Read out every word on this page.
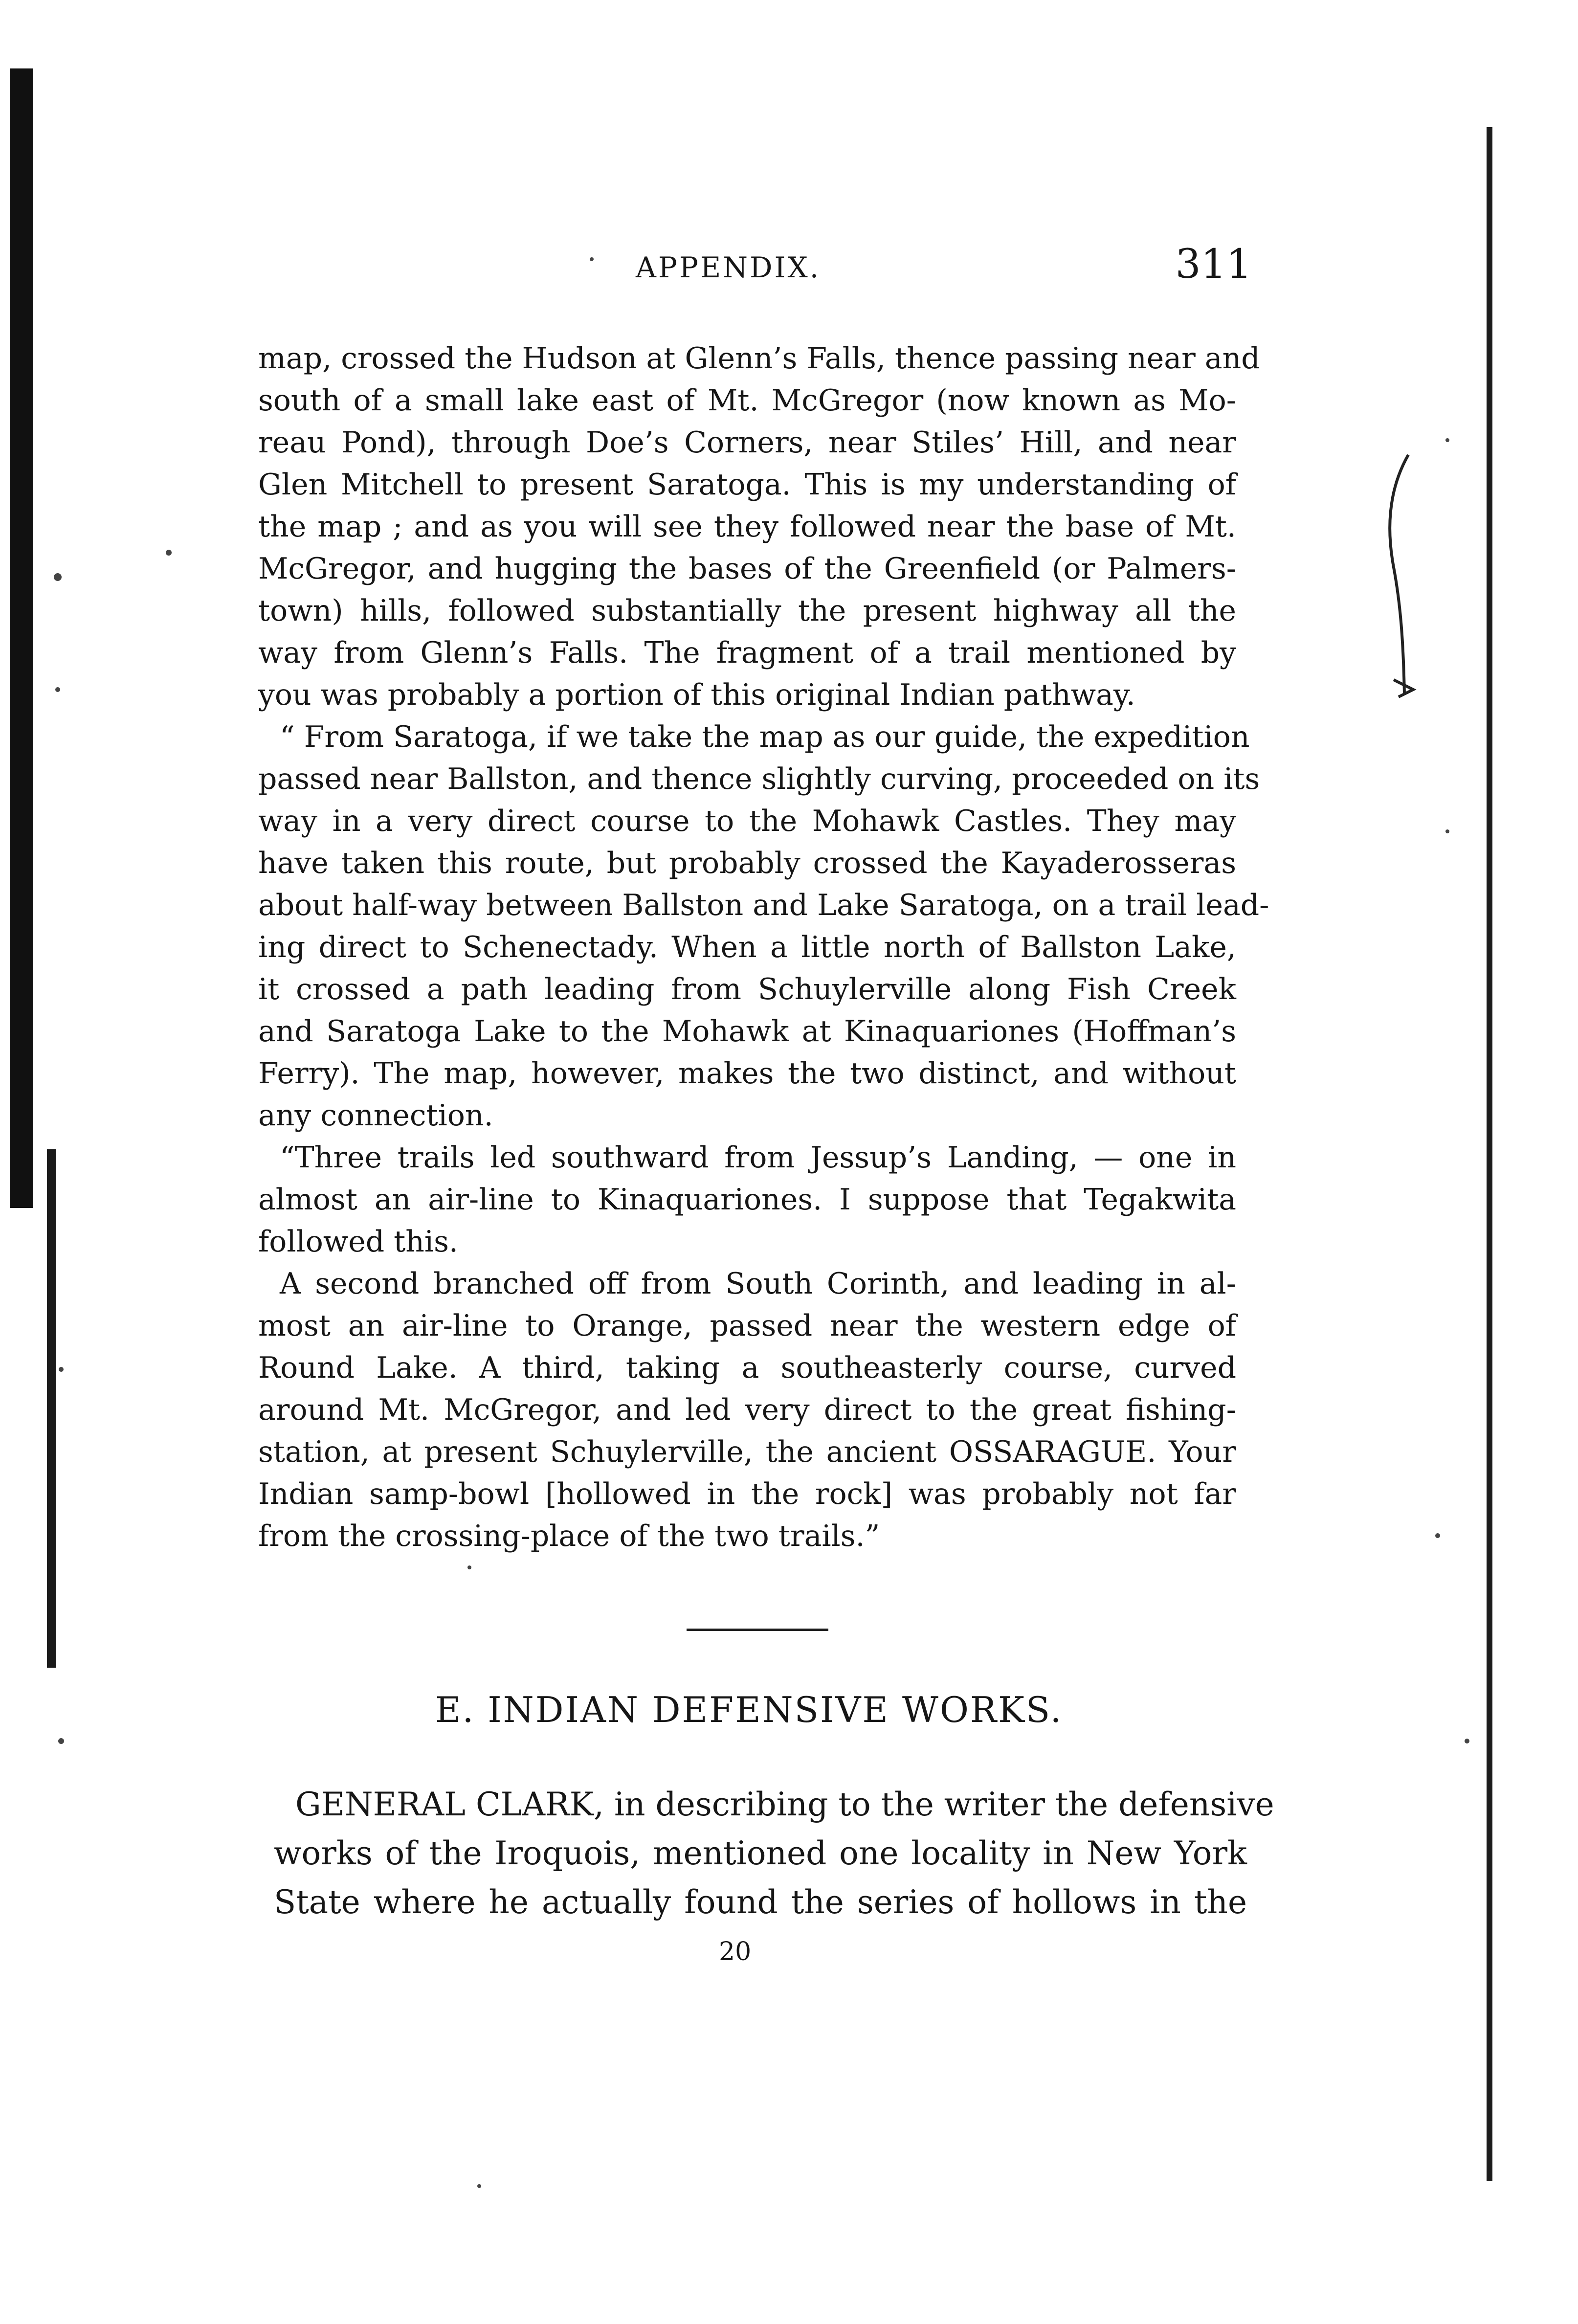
APPENDIX.	311
map, crossed the Hudson at Glenn’s Falls, thence passing near and
south of a small lake east of Mt. McGregor (now known as Mo-
reau Pond), through Doe’s Corners, near Stiles’ Hill, and near
Glen Mitchell to present Saratoga. This is my understanding of
the map ; and as you will see they followed near the base of Mt.
McGregor, and hugging the bases of the Greenfield (or Palmers-
town) hills, followed substantially the present highway all the
way from Glenn’s Falls. The fragment of a trail mentioned by
you was probably a portion of this original Indian pathway.
“ From Saratoga, if we take the map as our guide, the expedition
passed near Ballston, and thence slightly curving, proceeded on its
way in a very direct course to the Mohawk Castles. They may
have taken this route, but probably crossed the Kayaderosseras
about half-way between Ballston and Lake Saratoga, on a trail lead-
ing direct to Schenectady. When a little north of Ballston Lake,
it crossed a path leading from Schuylerville along Fish Creek
and Saratoga Lake to the Mohawk at Kinaquariones (Hoffman’s
Ferry). The map, however, makes the two distinct, and without
any connection.
“Three trails led southward from Jessup’s Landing, — one in
almost an air-line to Kinaquariones. I suppose that Tegakwita
followed this.
A second branched off from South Corinth, and leading in al-
most an air-line to Orange, passed near the western edge of
Round Lake. A third, taking a southeasterly course, curved
around Mt. McGregor, and led very direct to the great fishing-
station, at present Schuylerville, the ancient OSSARAGUE. Your
Indian samp-bowl [hollowed in the rock] was probably not far
from the crossing-place of the two trails.”
E. INDIAN DEFENSIVE WORKS.
GENERAL CLARK, in describing to the writer the defensive
works of the Iroquois, mentioned one locality in New York
State where he actually found the series of hollows in the
20
